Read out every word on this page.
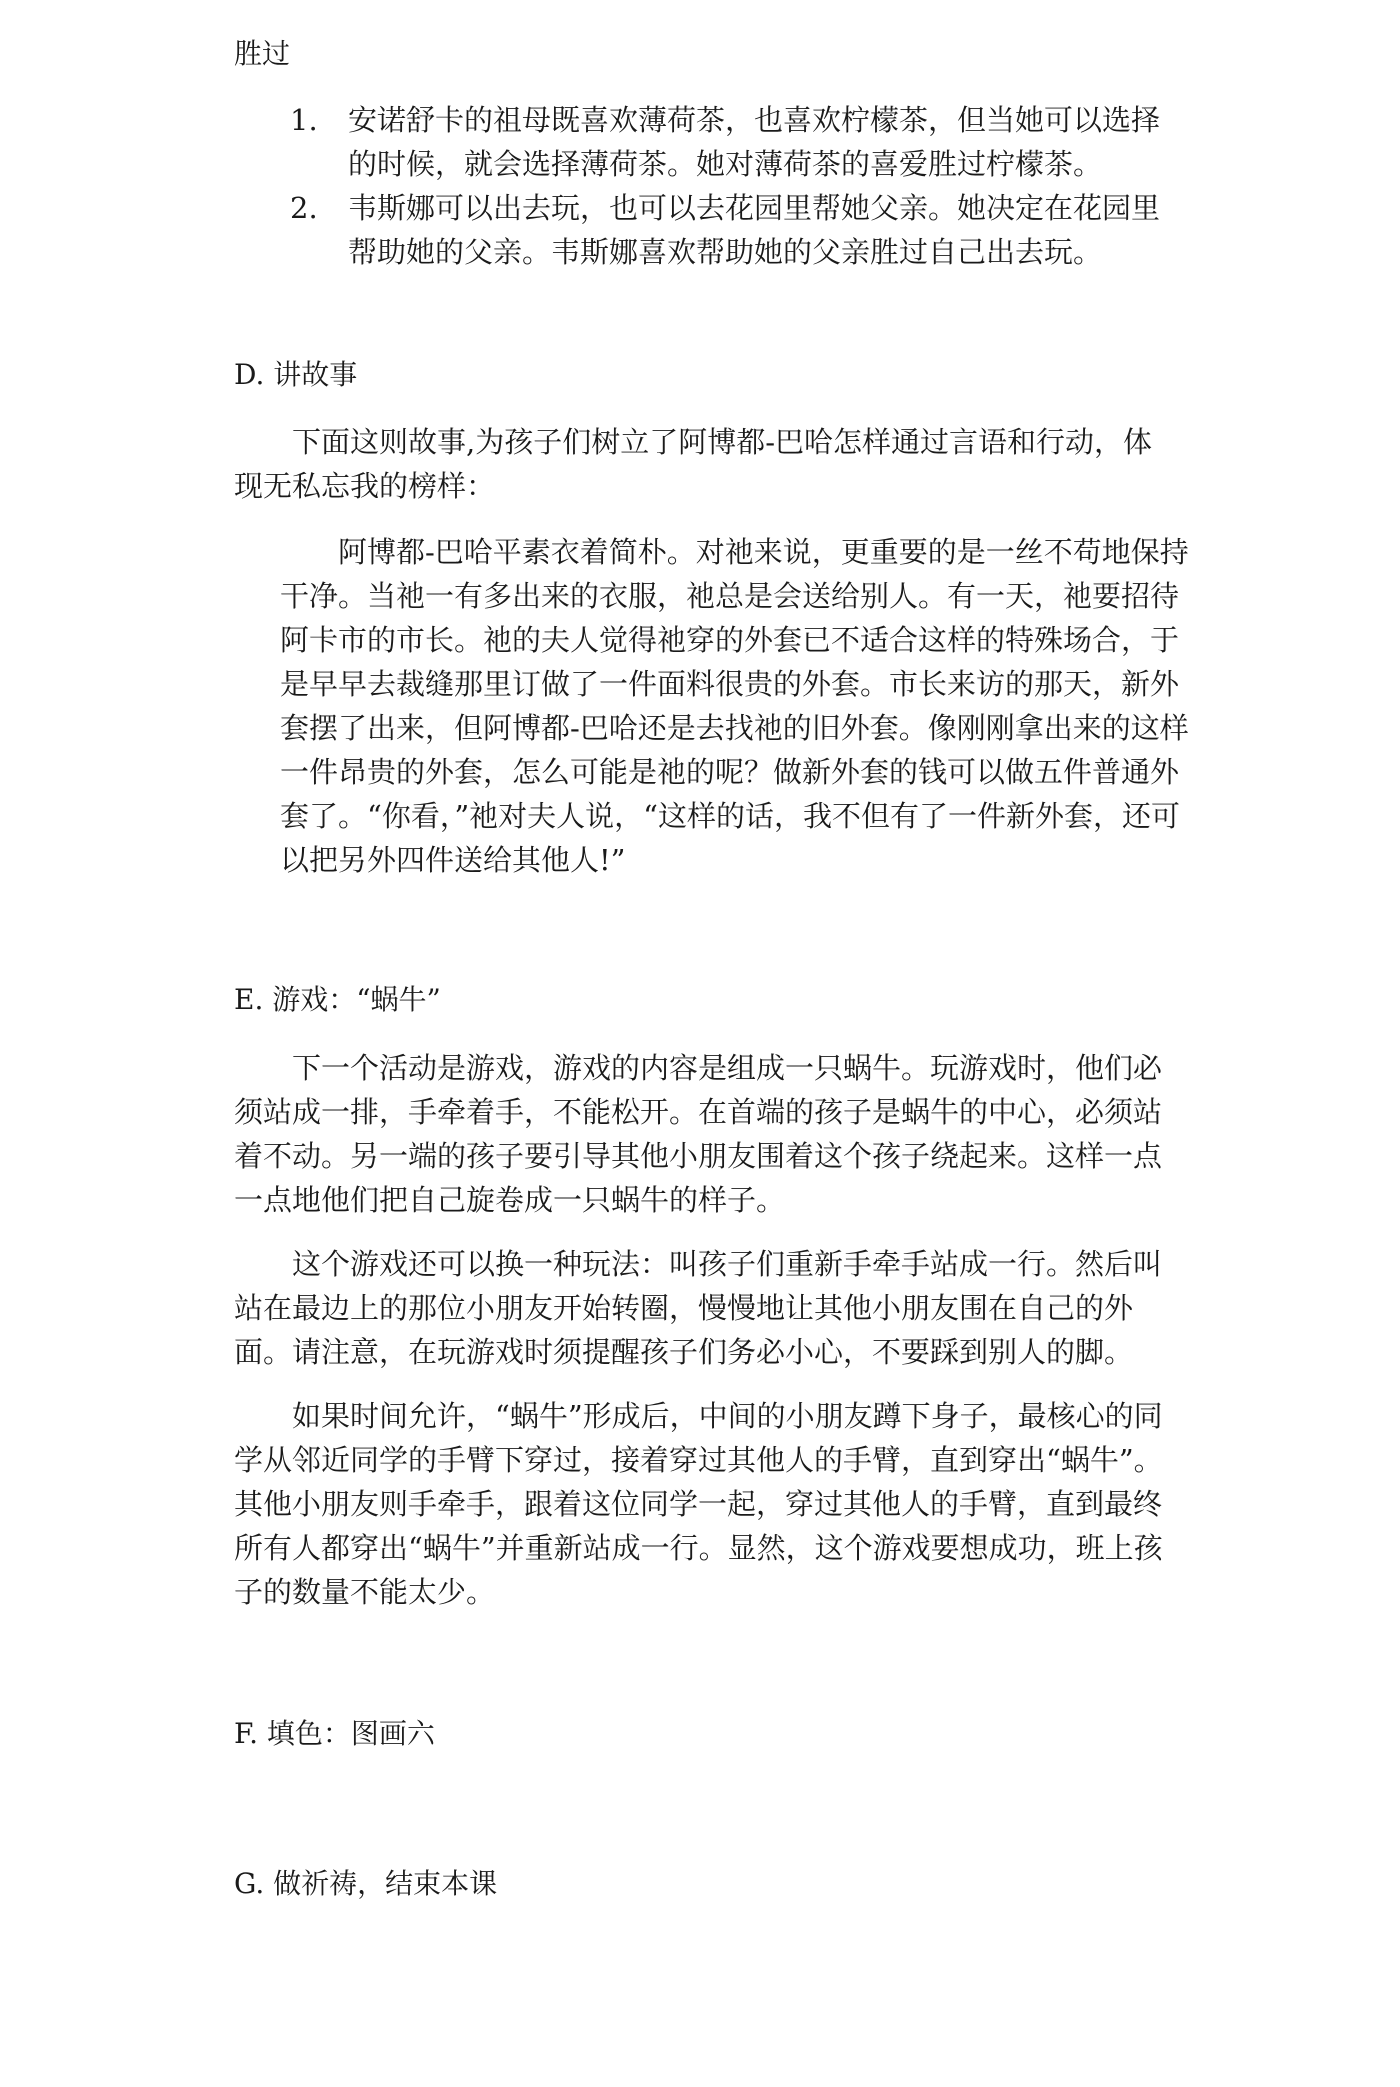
胜过

1. 安诺舒卡的祖母既喜欢薄荷茶，也喜欢柠檬茶，但当她可以选择的时候，就会选择薄荷茶。她对薄荷茶的喜爱胜过柠檬茶。
2. 韦斯娜可以出去玩，也可以去花园里帮她父亲。她决定在花园里帮助她的父亲。韦斯娜喜欢帮助她的父亲胜过自己出去玩。

D. 讲故事

下面这则故事,为孩子们树立了阿博都-巴哈怎样通过言语和行动，体现无私忘我的榜样：

阿博都-巴哈平素衣着简朴。对祂来说，更重要的是一丝不苟地保持干净。当祂一有多出来的衣服，祂总是会送给别人。有一天，祂要招待阿卡市的市长。祂的夫人觉得祂穿的外套已不适合这样的特殊场合，于是早早去裁缝那里订做了一件面料很贵的外套。市长来访的那天，新外套摆了出来，但阿博都-巴哈还是去找祂的旧外套。像刚刚拿出来的这样一件昂贵的外套，怎么可能是祂的呢？做新外套的钱可以做五件普通外套了。“你看，”祂对夫人说，“这样的话，我不但有了一件新外套，还可以把另外四件送给其他人!”

E. 游戏：“蜗牛”

下一个活动是游戏，游戏的内容是组成一只蜗牛。玩游戏时，他们必须站成一排，手牵着手，不能松开。在首端的孩子是蜗牛的中心，必须站着不动。另一端的孩子要引导其他小朋友围着这个孩子绕起来。这样一点一点地他们把自己旋卷成一只蜗牛的样子。

这个游戏还可以换一种玩法：叫孩子们重新手牵手站成一行。然后叫站在最边上的那位小朋友开始转圈，慢慢地让其他小朋友围在自己的外面。请注意，在玩游戏时须提醒孩子们务必小心，不要踩到别人的脚。

如果时间允许，“蜗牛”形成后，中间的小朋友蹲下身子，最核心的同学从邻近同学的手臂下穿过，接着穿过其他人的手臂，直到穿出“蜗牛”。其他小朋友则手牵手，跟着这位同学一起，穿过其他人的手臂，直到最终所有人都穿出“蜗牛”并重新站成一行。显然，这个游戏要想成功，班上孩子的数量不能太少。

F. 填色：图画六

G. 做祈祷，结束本课
